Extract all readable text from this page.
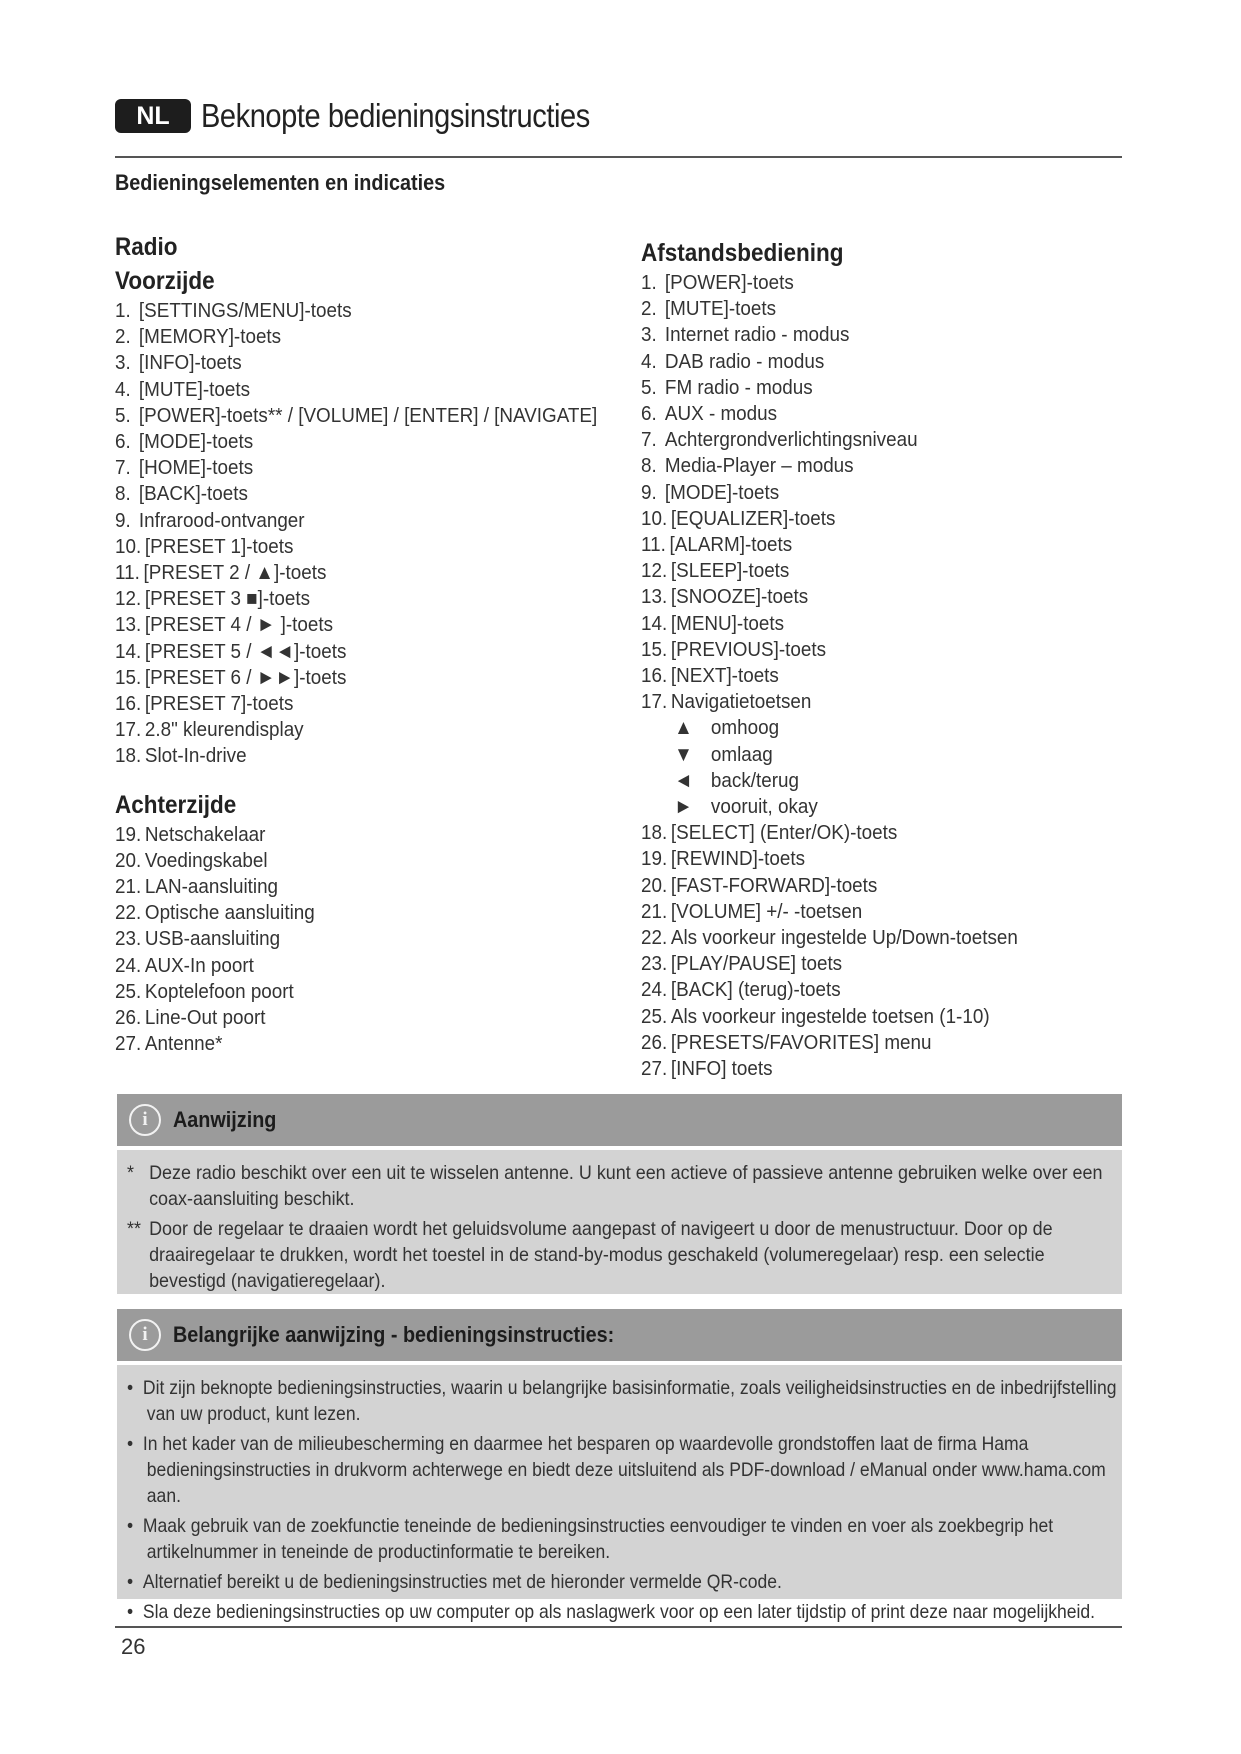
NL Beknopte bedieningsinstructies
Bedieningselementen en indicaties
Radio
Voorzijde
1. [SETTINGS/MENU]-toets
2. [MEMORY]-toets
3. [INFO]-toets
4. [MUTE]-toets
5. [POWER]-toets** / [VOLUME] / [ENTER] / [NAVIGATE]
6. [MODE]-toets
7. [HOME]-toets
8. [BACK]-toets
9. Infrarood-ontvanger
10. [PRESET 1]-toets
11. [PRESET 2 / ▲]-toets
12. [PRESET 3 ■]-toets
13. [PRESET 4 / ► ]-toets
14. [PRESET 5 / ◄◄]-toets
15. [PRESET 6 / ►►]-toets
16. [PRESET 7]-toets
17. 2.8" kleurendisplay
18. Slot-In-drive
Achterzijde
19. Netschakelaar
20. Voedingskabel
21. LAN-aansluiting
22. Optische aansluiting
23. USB-aansluiting
24. AUX-In poort
25. Koptelefoon poort
26. Line-Out poort
27. Antenne*
Afstandsbediening
1. [POWER]-toets
2. [MUTE]-toets
3. Internet radio - modus
4. DAB radio - modus
5. FM radio - modus
6. AUX - modus
7. Achtergrondverlichtingsniveau
8. Media-Player – modus
9. [MODE]-toets
10. [EQUALIZER]-toets
11. [ALARM]-toets
12. [SLEEP]-toets
13. [SNOOZE]-toets
14. [MENU]-toets
15. [PREVIOUS]-toets
16. [NEXT]-toets
17. Navigatietoetsen
▲ omhoog
▼ omlaag
◄ back/terug
► vooruit, okay
18. [SELECT] (Enter/OK)-toets
19. [REWIND]-toets
20. [FAST-FORWARD]-toets
21. [VOLUME] +/- -toetsen
22. Als voorkeur ingestelde Up/Down-toetsen
23. [PLAY/PAUSE] toets
24. [BACK] (terug)-toets
25. Als voorkeur ingestelde toetsen (1-10)
26. [PRESETS/FAVORITES] menu
27. [INFO] toets
i	Aanwijzing
* Deze radio beschikt over een uit te wisselen antenne. U kunt een actieve of passieve antenne gebruiken welke over een
coax-aansluiting beschikt.
** Door de regelaar te draaien wordt het geluidsvolume aangepast of navigeert u door de menustructuur. Door op de
draairegelaar te drukken, wordt het toestel in de stand-by-modus geschakeld (volumeregelaar) resp. een selectie
bevestigd (navigatieregelaar).
i	Belangrijke aanwijzing - bedieningsinstructies:
•  Dit zijn beknopte bedieningsinstructies, waarin u belangrijke basisinformatie, zoals veiligheidsinstructies en de inbedrijfstelling van uw product, kunt lezen.
•  In het kader van de milieubescherming en daarmee het besparen op waardevolle grondstoffen laat de firma Hama bedieningsinstructies in drukvorm achterwege en biedt deze uitsluitend als PDF-download / eManual onder www.hama.com aan.
•  Maak gebruik van de zoekfunctie teneinde de bedieningsinstructies eenvoudiger te vinden en voer als zoekbegrip het artikelnummer in teneinde de productinformatie te bereiken.
•  Alternatief bereikt u de bedieningsinstructies met de hieronder vermelde QR-code.
•  Sla deze bedieningsinstructies op uw computer op als naslagwerk voor op een later tijdstip of print deze naar mogelijkheid.
26
